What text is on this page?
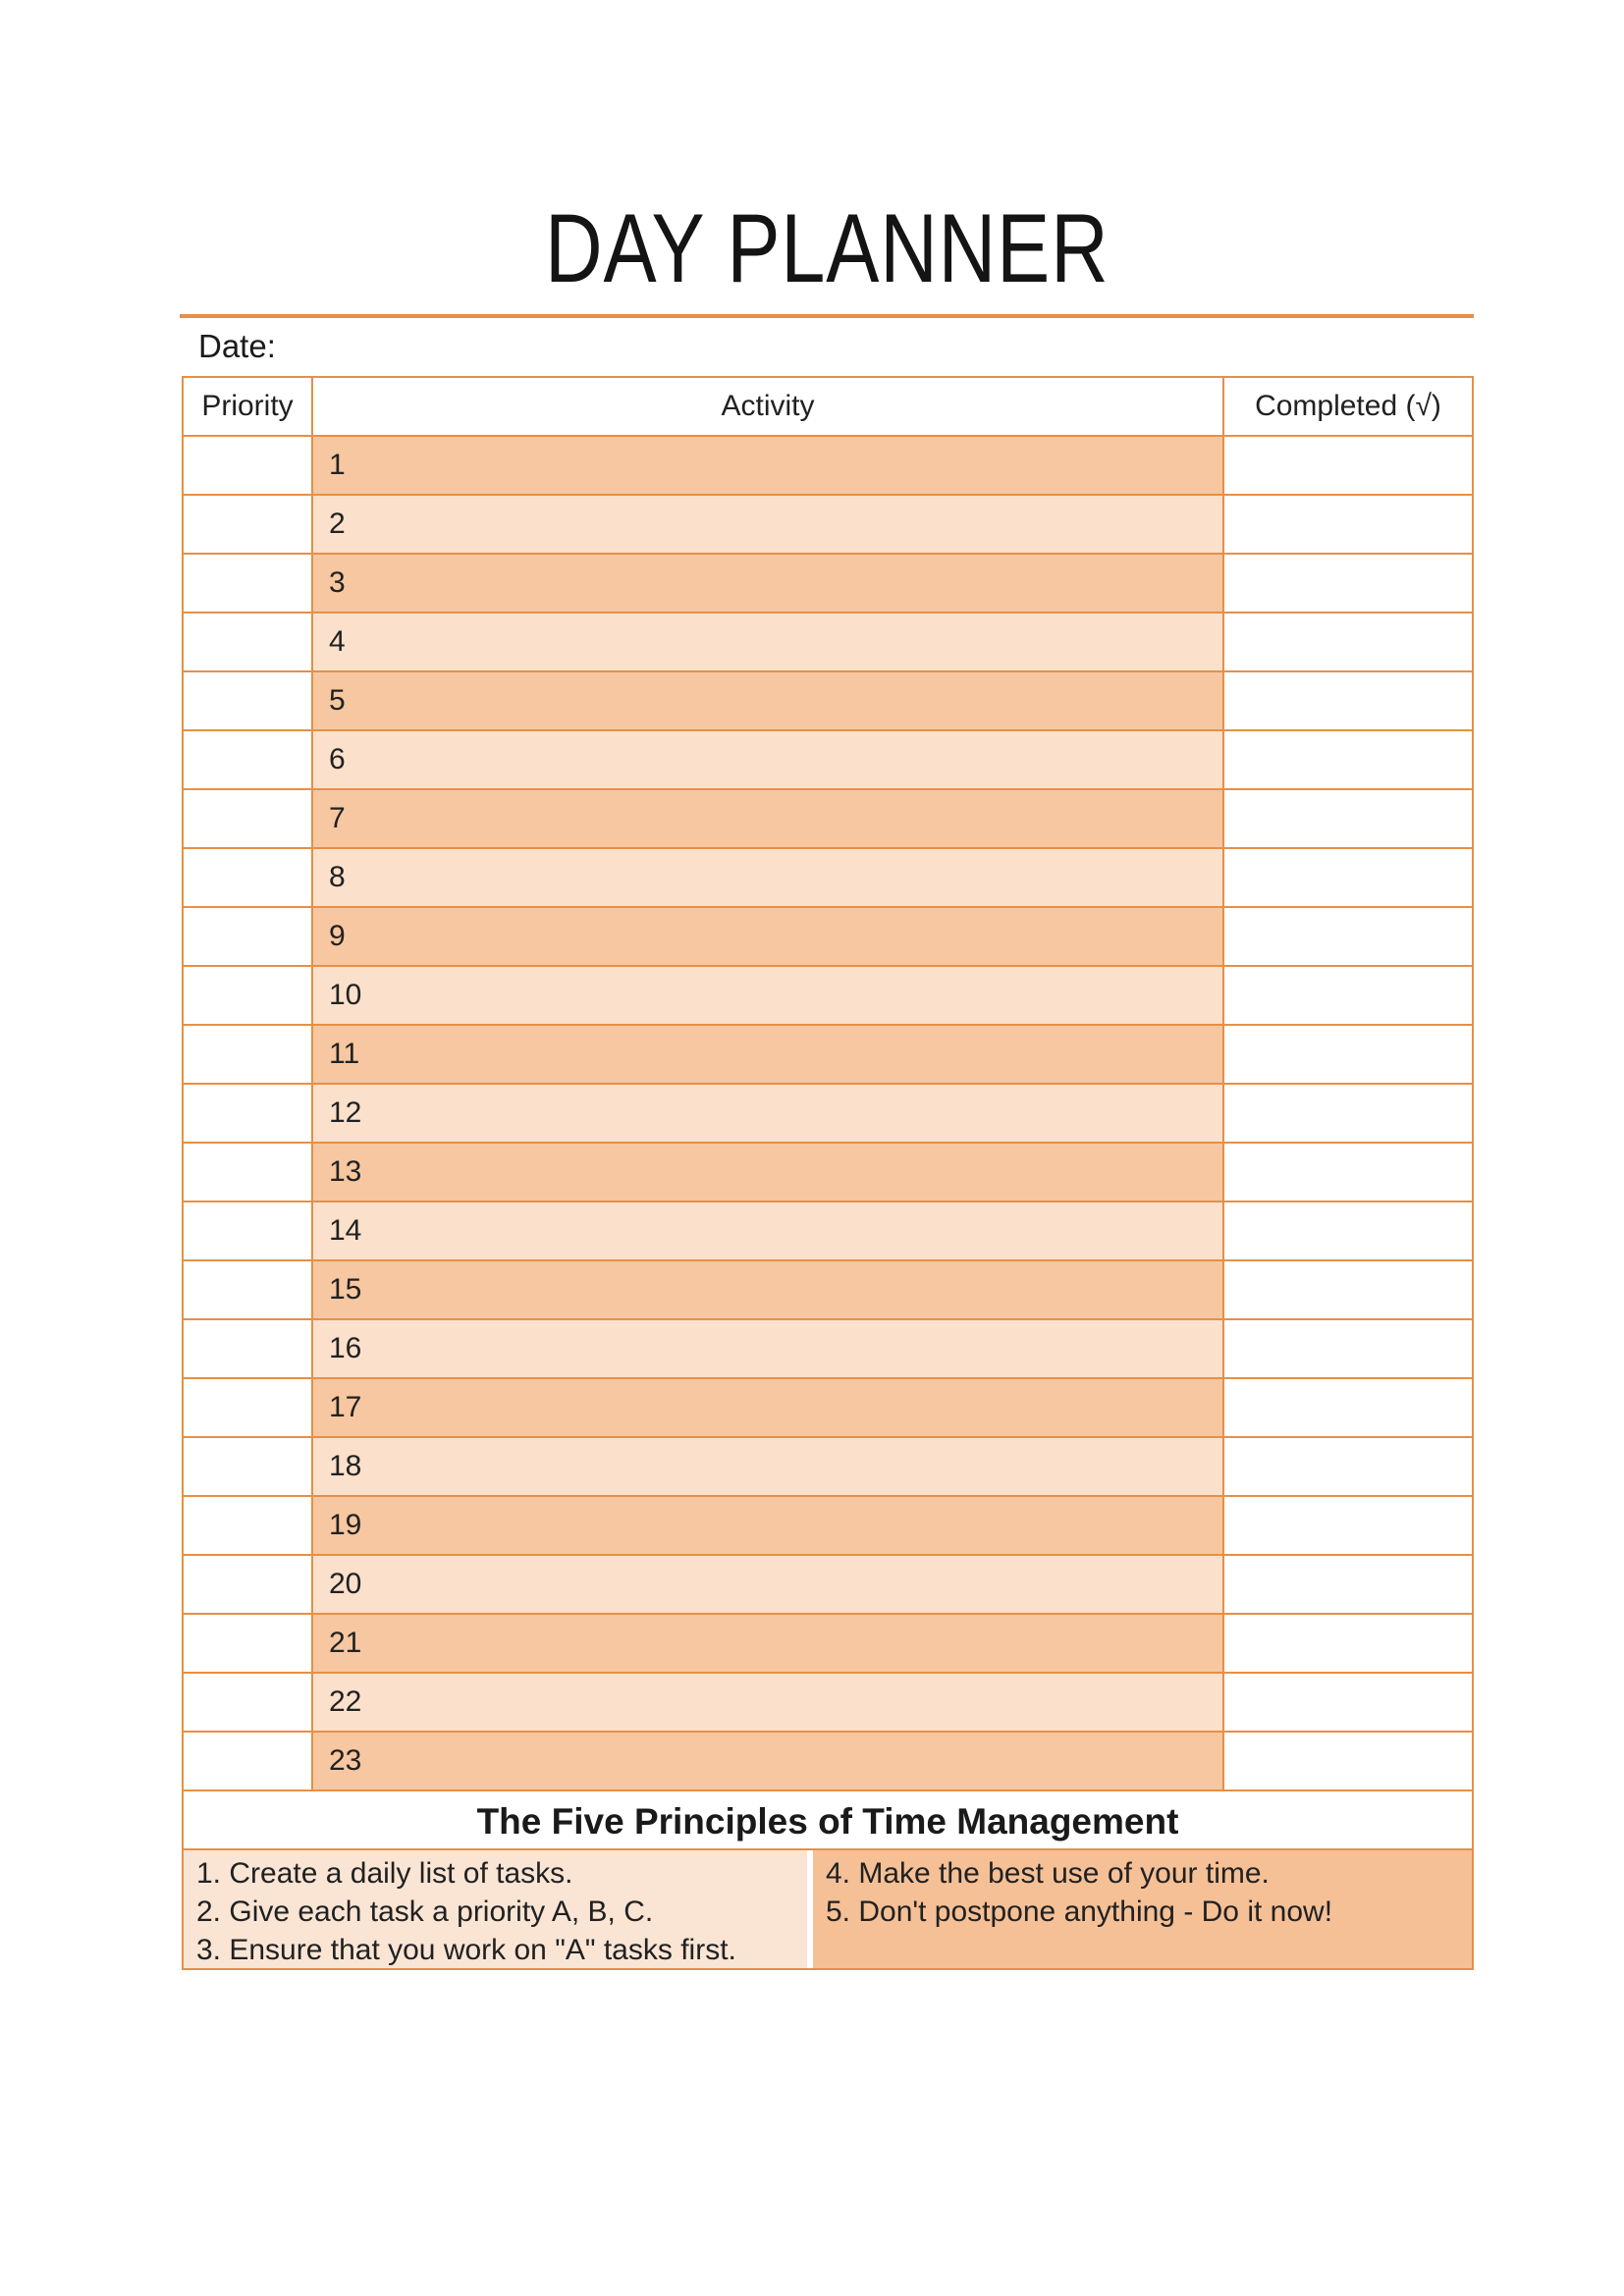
DAY PLANNER
Date:
Priority	Activity	Completed (√)
	1	
	2	
	3	
	4	
	5	
	6	
	7	
	8	
	9	
	10	
	11	
	12	
	13	
	14	
	15	
	16	
	17	
	18	
	19	
	20	
	21	
	22	
	23	
The Five Principles of Time Management		

1. Create a daily list of tasks.
2. Give each task a priority A, B, C.
3. Ensure that you work on "A" tasks first.
4. Make the best use of your time.
5. Don't postpone anything - Do it now!		
